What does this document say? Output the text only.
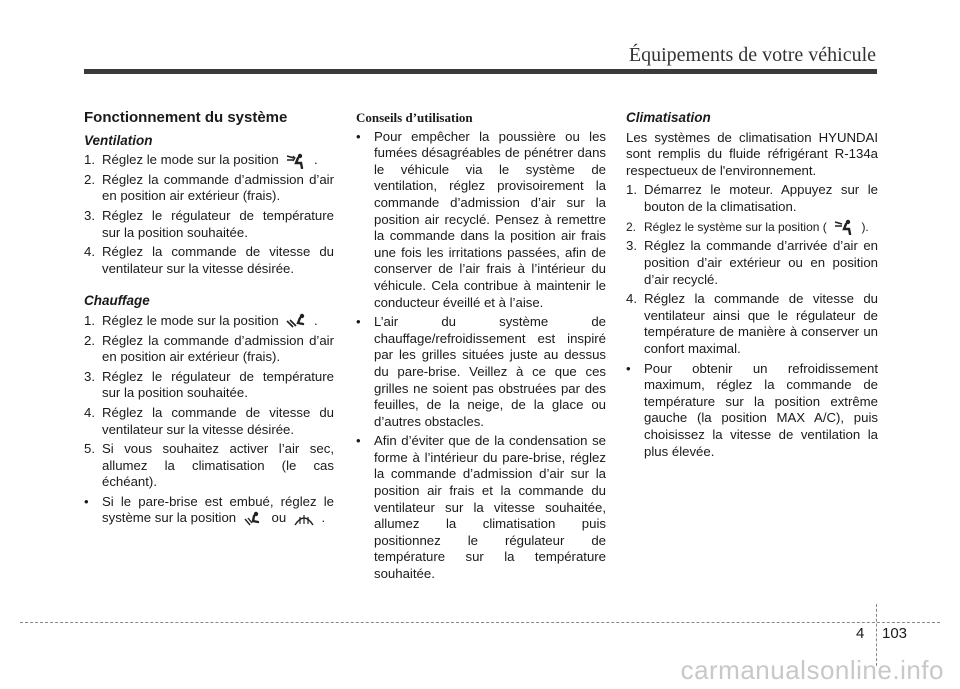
Équipements de votre véhicule
Fonctionnement du système
Ventilation
1. Réglez le mode sur la position	.
2. Réglez la commande d’admission d’air en position air extérieur (frais).
3. Réglez le régulateur de température sur la position souhaitée.
4. Réglez la commande de vitesse du ventilateur sur la vitesse désirée.
Chauffage
1. Réglez le mode sur la position	.
2. Réglez la commande d’admission d’air en position air extérieur (frais).
3. Réglez le régulateur de température sur la position souhaitée.
4. Réglez la commande de vitesse du ventilateur sur la vitesse désirée.
5. Si vous souhaitez activer l’air sec, allumez la climatisation (le cas échéant).
• Si le pare-brise est embué, réglez le système sur la position	ou	.
Conseils d’utilisation
• Pour empêcher la poussière ou les fumées désagréables de pénétrer dans le véhicule via le système de ventilation, réglez provisoirement la commande d’admission d’air sur la position air recyclé. Pensez à remettre la commande dans la position air frais une fois les irritations passées, afin de conserver de l’air frais à l’intérieur du véhicule. Cela contribue à maintenir le conducteur éveillé et à l’aise.
• L’air du système de chauffage/refroidissement est inspiré par les grilles situées juste au dessus du pare-brise. Veillez à ce que ces grilles ne soient pas obstruées par des feuilles, de la neige, de la glace ou d’autres obstacles.
• Afin d’éviter que de la condensation se forme à l’intérieur du pare-brise, réglez la commande d’admission d’air sur la position air frais et la commande du ventilateur sur la vitesse souhaitée, allumez la climatisation puis positionnez le régulateur de température sur la température souhaitée.
Climatisation
Les systèmes de climatisation HYUNDAI sont remplis du fluide réfrigérant R-134a respectueux de l'environnement.
1. Démarrez le moteur. Appuyez sur le bouton de la climatisation.
2. Réglez le système sur la position (	).
3. Réglez la commande d’arrivée d’air en position d’air extérieur ou en position d’air recyclé.
4. Réglez la commande de vitesse du ventilateur ainsi que le régulateur de température de manière à conserver un confort maximal.
• Pour obtenir un refroidissement maximum, réglez la commande de température sur la position extrême gauche (la position MAX A/C), puis choisissez la vitesse de ventilation la plus élevée.
4 103
carmanualsonline.info
